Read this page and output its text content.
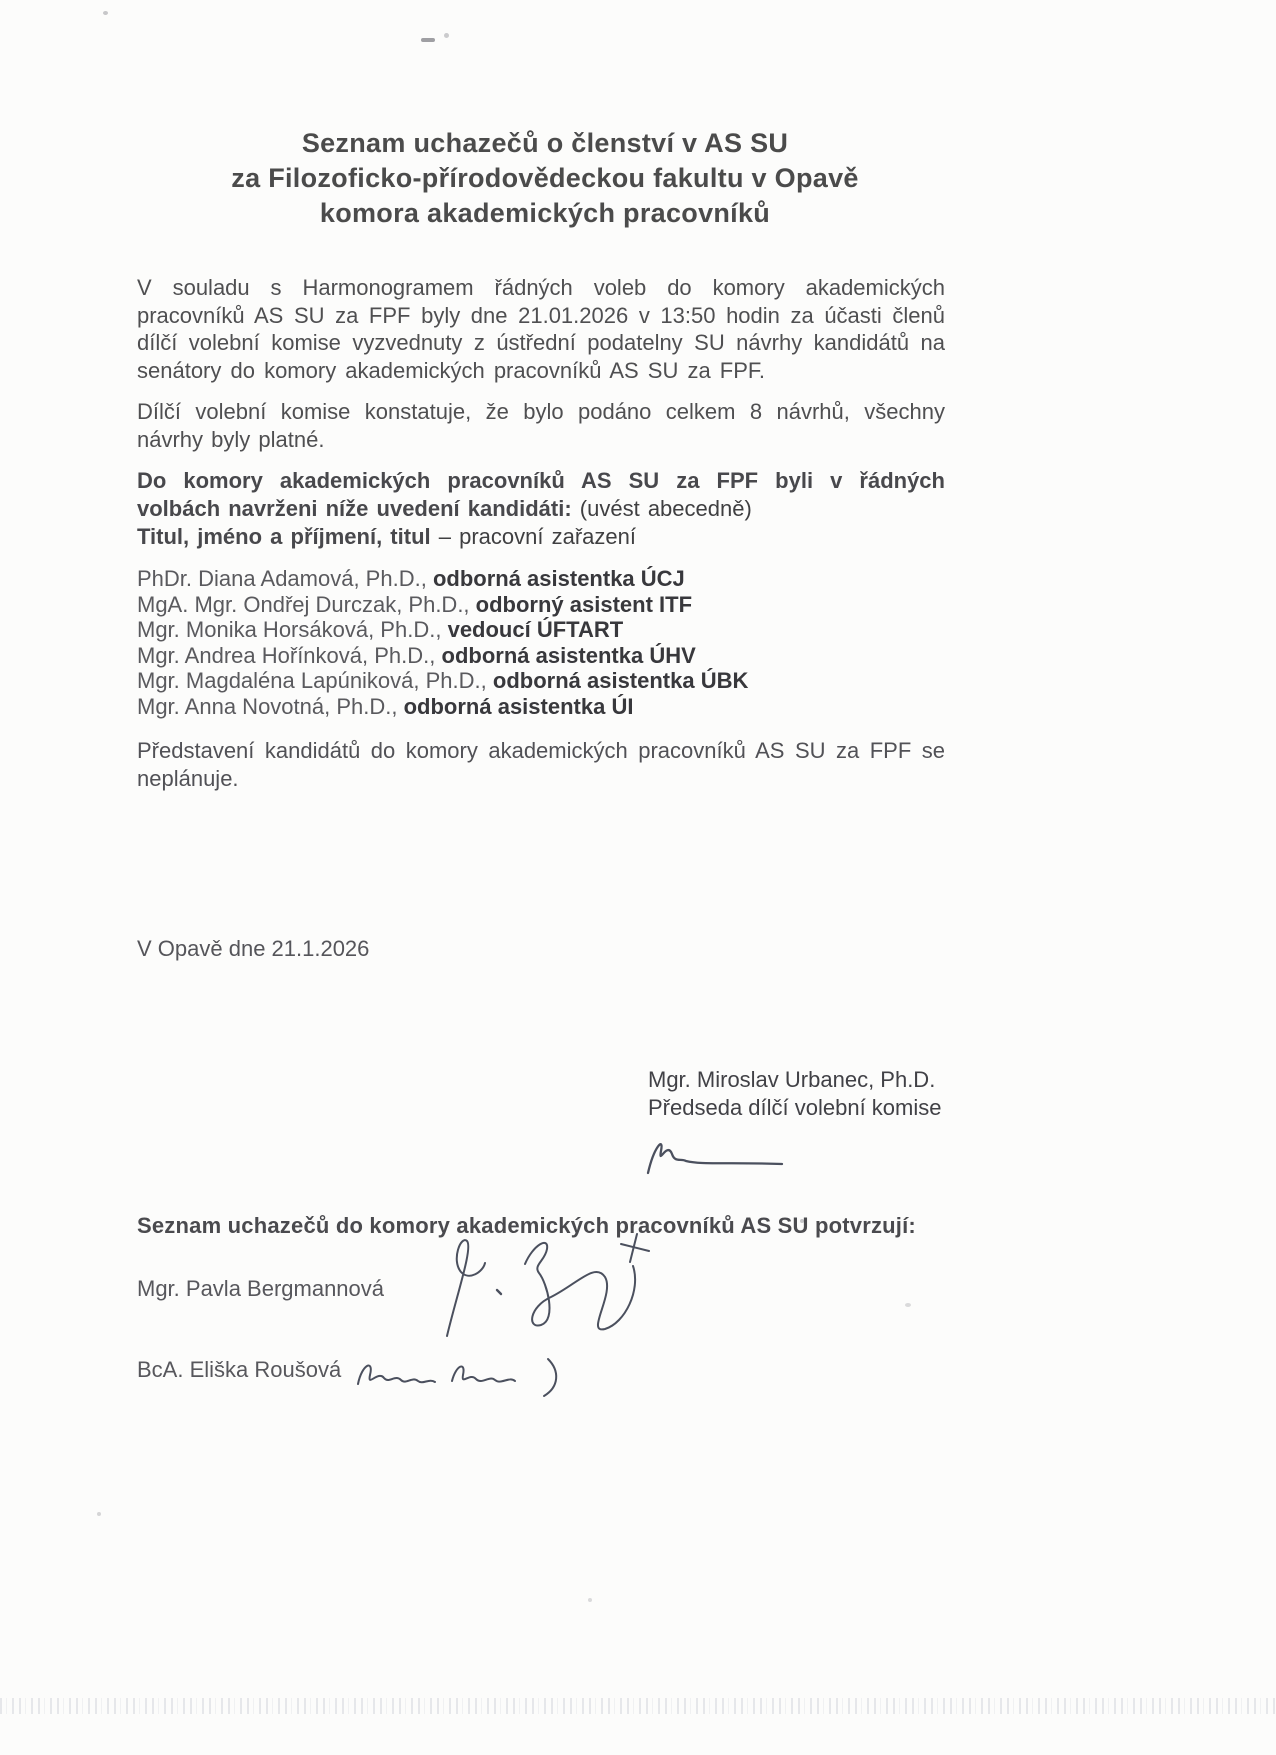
Seznam uchazečů o členství v AS SU
za Filozoficko-přírodovědeckou fakultu v Opavě
komora akademických pracovníků
V souladu s Harmonogramem řádných voleb do komory akademických pracovníků AS SU za FPF byly dne 21.01.2026 v 13:50 hodin za účasti členů dílčí volební komise vyzvednuty z ústřední podatelny SU návrhy kandidátů na senátory do komory akademických pracovníků AS SU za FPF.
Dílčí volební komise konstatuje, že bylo podáno celkem 8 návrhů, všechny návrhy byly platné.
Do komory akademických pracovníků AS SU za FPF byli v řádných volbách navrženi níže uvedení kandidáti: (uvést abecedně)
Titul, jméno a příjmení, titul – pracovní zařazení
PhDr. Diana Adamová, Ph.D., odborná asistentka ÚCJ
MgA. Mgr. Ondřej Durczak, Ph.D., odborný asistent ITF
Mgr. Monika Horsáková, Ph.D., vedoucí ÚFTART
Mgr. Andrea Hořínková, Ph.D., odborná asistentka ÚHV
Mgr. Magdaléna Lapúniková, Ph.D., odborná asistentka ÚBK
Mgr. Anna Novotná, Ph.D., odborná asistentka ÚI
Představení kandidátů do komory akademických pracovníků AS SU za FPF se neplánuje.
V Opavě dne 21.1.2026
Mgr. Miroslav Urbanec, Ph.D.
Předseda dílčí volební komise
Seznam uchazečů do komory akademických pracovníků AS SU potvrzují:
Mgr. Pavla Bergmannová
BcA. Eliška Roušová
